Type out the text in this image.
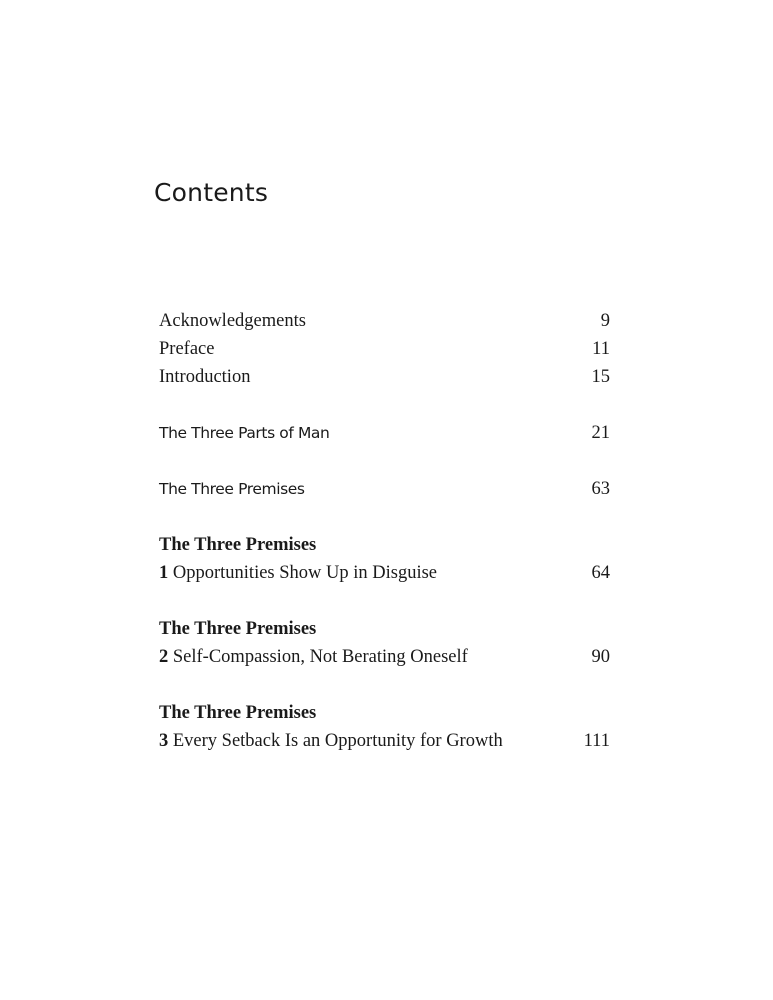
Contents
Acknowledgements	9
Preface	11
Introduction	15
The Three Parts of Man	21
The Three Premises	63
The Three Premises
1 Opportunities Show Up in Disguise	64
The Three Premises
2 Self-Compassion, Not Berating Oneself	90
The Three Premises
3 Every Setback Is an Opportunity for Growth	111
